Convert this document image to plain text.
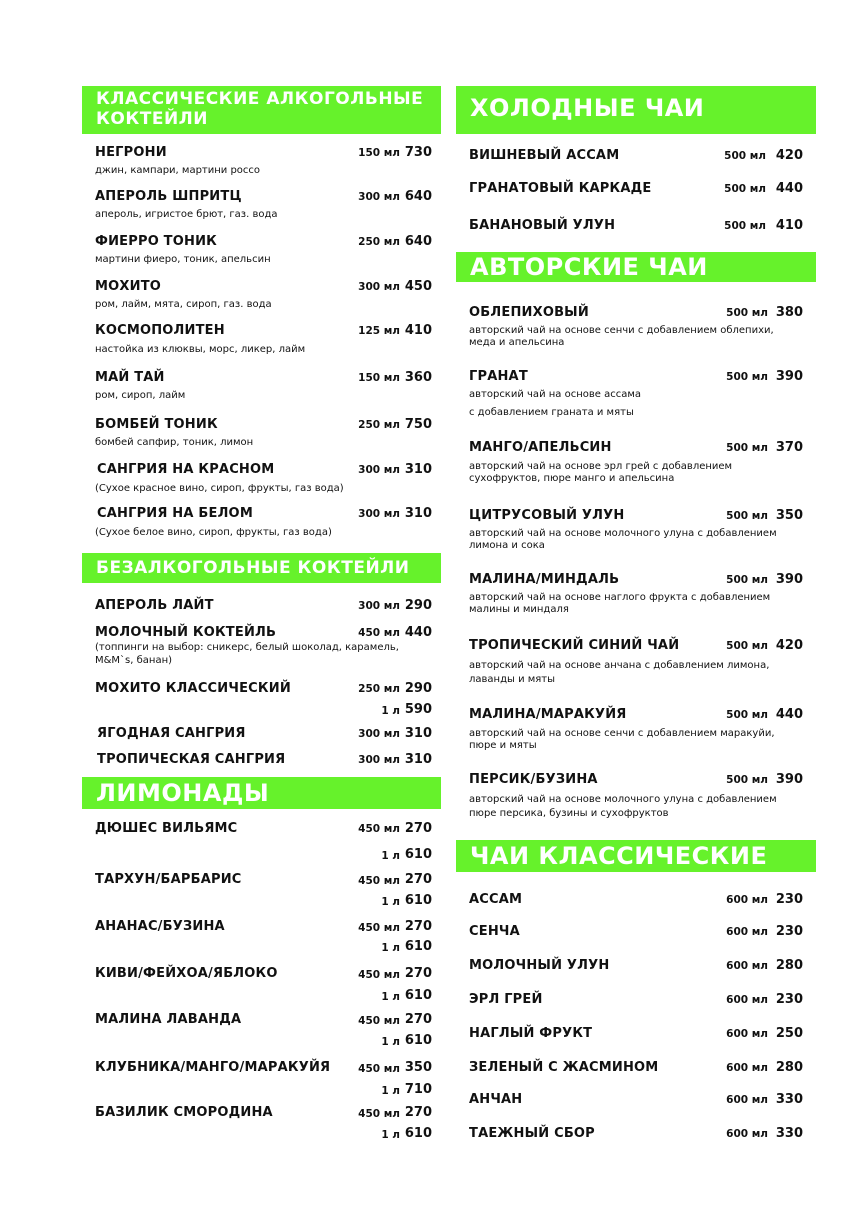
КЛАССИЧЕСКИЕ АЛКОГОЛЬНЫЕ
КОКТЕЙЛИ
НЕГРОНИ	150 мл 730
джин, кампари, мартини россо
АПЕРОЛЬ ШПРИТЦ	300 мл 640
апероль, игристое брют, газ. вода
ФИЕРРО ТОНИК	250 мл 640
мартини фиеро, тоник, апельсин
МОХИТО	300 мл 450
ром, лайм, мята, сироп, газ. вода
КОСМОПОЛИТЕН	125 мл 410
настойка из клюквы, морс, ликер, лайм
МАЙ ТАЙ	150 мл 360
ром, сироп, лайм
БОМБЕЙ ТОНИК	250 мл 750
бомбей сапфир, тоник, лимон
САНГРИЯ НА КРАСНОМ	300 мл 310
(Сухое красное вино, сироп, фрукты, газ вода)
САНГРИЯ НА БЕЛОМ	300 мл 310
(Сухое белое вино, сироп, фрукты, газ вода)
БЕЗАЛКОГОЛЬНЫЕ КОКТЕЙЛИ
АПЕРОЛЬ ЛАЙТ	300 мл 290
МОЛОЧНЫЙ КОКТЕЙЛЬ	450 мл 440
(топпинги на выбор: сникерс, белый шоколад, карамель,
M&M`s, банан)
МОХИТО КЛАССИЧЕСКИЙ	250 мл 290
1 л 590
ЯГОДНАЯ САНГРИЯ	300 мл 310
ТРОПИЧЕСКАЯ САНГРИЯ	300 мл 310
ЛИМОНАДЫ
ДЮШЕС ВИЛЬЯМС	450 мл 270
1 л 610
ТАРХУН/БАРБАРИС	450 мл 270
1 л 610
АНАНАС/БУЗИНА	450 мл 270
1 л 610
КИВИ/ФЕЙХОА/ЯБЛОКО	450 мл 270
1 л 610
МАЛИНА ЛАВАНДА	450 мл 270
1 л 610
КЛУБНИКА/МАНГО/МАРАКУЙЯ	450 мл 350
1 л 710
БАЗИЛИК СМОРОДИНА	450 мл 270
1 л 610
ХОЛОДНЫЕ ЧАИ
ВИШНЕВЫЙ АССАМ	500 мл 420
ГРАНАТОВЫЙ КАРКАДЕ	500 мл 440
БАНАНОВЫЙ УЛУН	500 мл 410
АВТОРСКИЕ ЧАИ
ОБЛЕПИХОВЫЙ	500 мл 380
авторский чай на основе сенчи с добавлением облепихи,
меда и апельсина
ГРАНАТ	500 мл 390
авторский чай на основе ассама
с добавлением граната и мяты
МАНГО/АПЕЛЬСИН	500 мл 370
авторский чай на основе эрл грей с добавлением
сухофруктов, пюре манго и апельсина
ЦИТРУСОВЫЙ УЛУН	500 мл 350
авторский чай на основе молочного улуна с добавлением
лимона и сока
МАЛИНА/МИНДАЛЬ	500 мл 390
авторский чай на основе наглого фрукта с добавлением
малины и миндаля
ТРОПИЧЕСКИЙ СИНИЙ ЧАЙ	500 мл 420
авторский чай на основе анчана с добавлением лимона,
лаванды и мяты
МАЛИНА/МАРАКУЙЯ	500 мл 440
авторский чай на основе сенчи с добавлением маракуйи,
пюре и мяты
ПЕРСИК/БУЗИНА	500 мл 390
авторский чай на основе молочного улуна с добавлением
пюре персика, бузины и сухофруктов
ЧАИ КЛАССИЧЕСКИЕ
АССАМ	600 мл 230
СЕНЧА	600 мл 230
МОЛОЧНЫЙ УЛУН	600 мл 280
ЭРЛ ГРЕЙ	600 мл 230
НАГЛЫЙ ФРУКТ	600 мл 250
ЗЕЛЕНЫЙ С ЖАСМИНОМ	600 мл 280
АНЧАН	600 мл 330
ТАЕЖНЫЙ СБОР	600 мл 330
